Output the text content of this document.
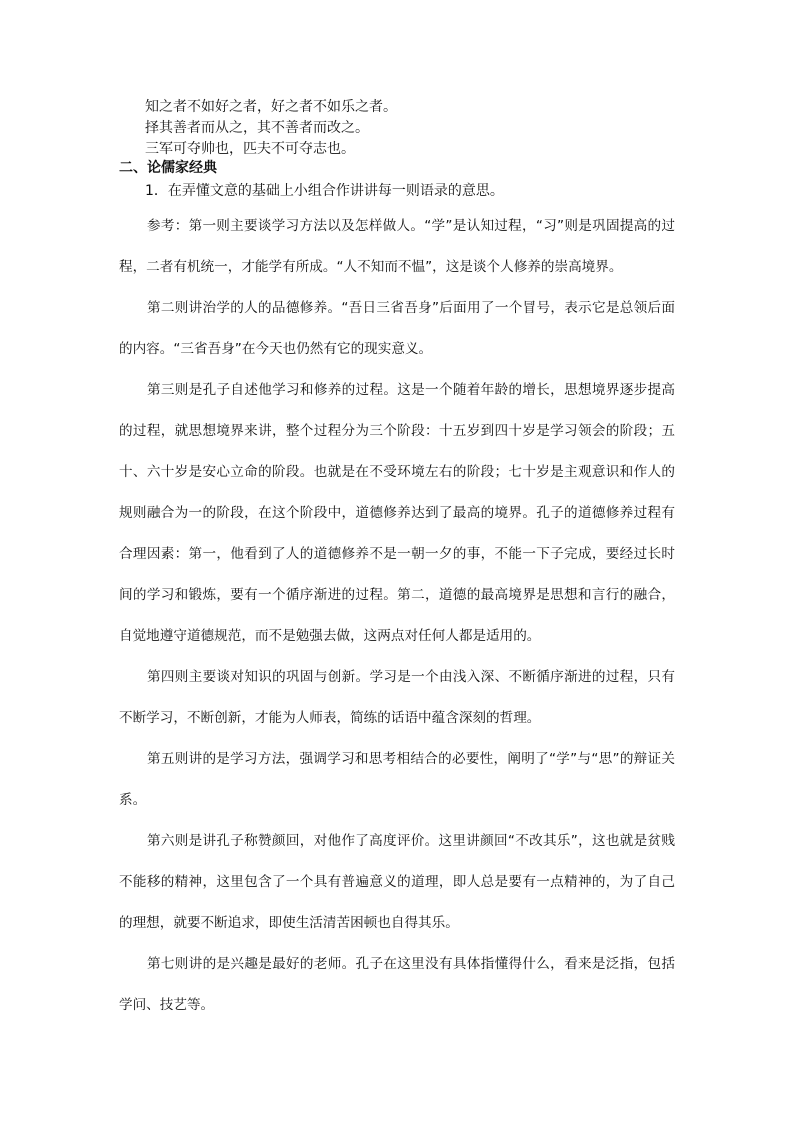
知之者不如好之者，好之者不如乐之者。
择其善者而从之，其不善者而改之。
三军可夺帅也，匹夫不可夺志也。
二、论儒家经典
1．在弄懂文意的基础上小组合作讲讲每一则语录的意思。

参考：第一则主要谈学习方法以及怎样做人。“学”是认知过程，“习”则是巩固提高的过程，二者有机统一，才能学有所成。“人不知而不愠”，这是谈个人修养的崇高境界。

第二则讲治学的人的品德修养。“吾日三省吾身”后面用了一个冒号，表示它是总领后面的内容。“三省吾身”在今天也仍然有它的现实意义。

第三则是孔子自述他学习和修养的过程。这是一个随着年龄的增长，思想境界逐步提高的过程，就思想境界来讲，整个过程分为三个阶段：十五岁到四十岁是学习领会的阶段；五十、六十岁是安心立命的阶段。也就是在不受环境左右的阶段；七十岁是主观意识和作人的规则融合为一的阶段，在这个阶段中，道德修养达到了最高的境界。孔子的道德修养过程有合理因素：第一，他看到了人的道德修养不是一朝一夕的事，不能一下子完成，要经过长时间的学习和锻炼，要有一个循序渐进的过程。第二，道德的最高境界是思想和言行的融合，自觉地遵守道德规范，而不是勉强去做，这两点对任何人都是适用的。

第四则主要谈对知识的巩固与创新。学习是一个由浅入深、不断循序渐进的过程，只有不断学习，不断创新，才能为人师表，简练的话语中蕴含深刻的哲理。

第五则讲的是学习方法，强调学习和思考相结合的必要性，阐明了“学”与“思”的辩证关系。

第六则是讲孔子称赞颜回，对他作了高度评价。这里讲颜回“不改其乐”，这也就是贫贱不能移的精神，这里包含了一个具有普遍意义的道理，即人总是要有一点精神的，为了自己的理想，就要不断追求，即使生活清苦困顿也自得其乐。

第七则讲的是兴趣是最好的老师。孔子在这里没有具体指懂得什么，看来是泛指，包括学问、技艺等。
